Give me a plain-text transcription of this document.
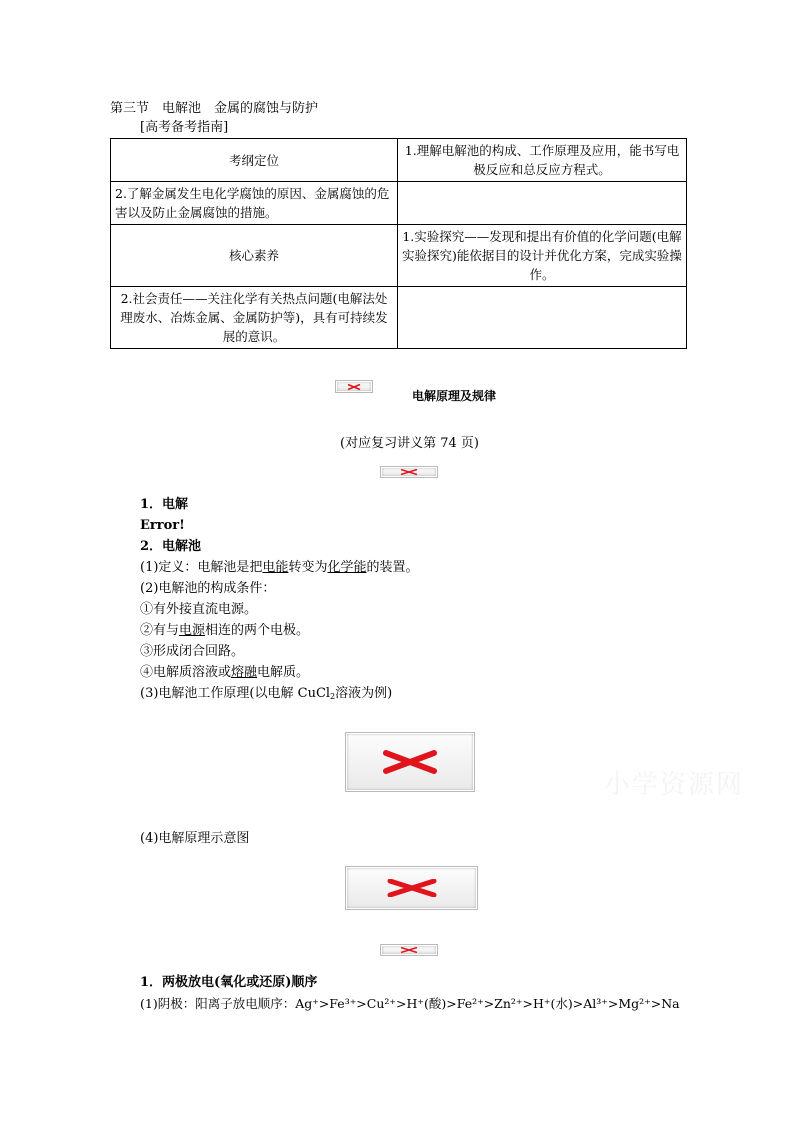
第三节　电解池　金属的腐蚀与防护
[高考备考指南]
考纲定位	1.理解电解池的构成、工作原理及应用，能书写电极反应和总反应方程式。
2.了解金属发生电化学腐蚀的原因、金属腐蚀的危害以及防止金属腐蚀的措施。	
核心素养	1.实验探究——发现和提出有价值的化学问题(电解实验探究)能依据目的设计并优化方案，完成实验操作。
2.社会责任——关注化学有关热点问题(电解法处理废水、冶炼金属、金属防护等)，具有可持续发展的意识。	
电解原理及规律
(对应复习讲义第 74 页)
1．电解
Error!
2．电解池
(1)定义：电解池是把电能转变为化学能的装置。
(2)电解池的构成条件：
①有外接直流电源。
②有与电源相连的两个电极。
③形成闭合回路。
④电解质溶液或熔融电解质。
(3)电解池工作原理(以电解 CuCl$_2$溶液为例)
小学资源网
(4)电解原理示意图
1．两极放电(氧化或还原)顺序
(1)阴极：阳离子放电顺序：Ag⁺>Fe³⁺>Cu²⁺>H⁺(酸)>Fe²⁺>Zn²⁺>H⁺(水)>Al³⁺>Mg²⁺>Na
